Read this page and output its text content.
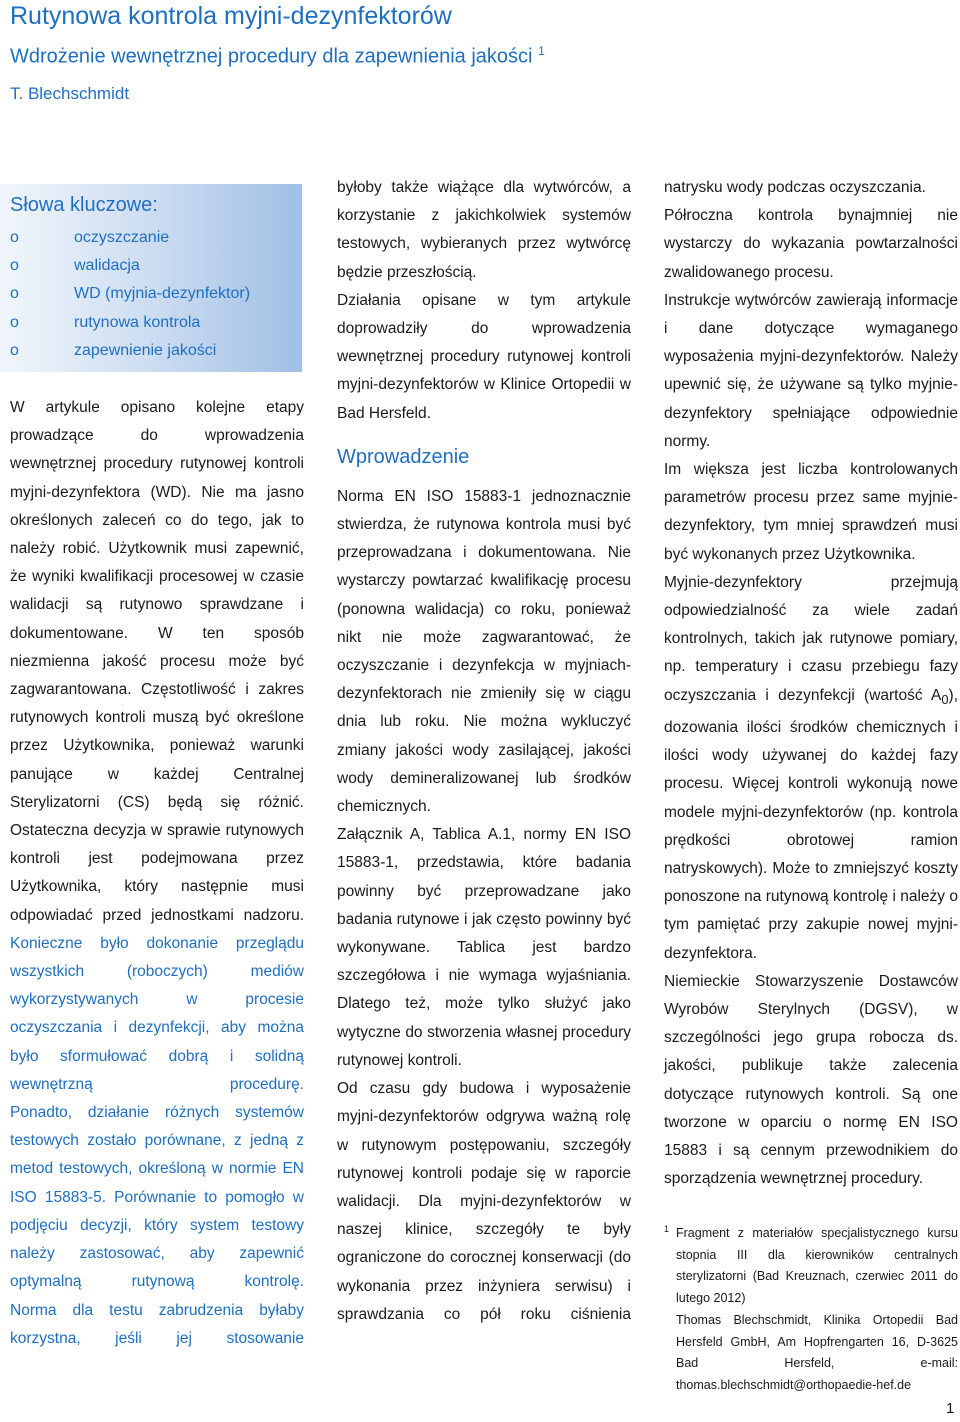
Rutynowa kontrola myjni-dezynfektorów
Wdrożenie wewnętrznej procedury dla zapewnienia jakości $^1$
T. Blechschmidt
Słowa kluczowe:
o	oczyszczanie
o	walidacja
o	WD (myjnia-dezynfektor)
o	rutynowa kontrola
o	zapewnienie jakości

W artykule opisano kolejne etapy prowadzące do wprowadzenia wewnętrznej procedury rutynowej kontroli myjni-dezynfektora (WD). Nie ma jasno określonych zaleceń co do tego, jak to należy robić. Użytkownik musi zapewnić, że wyniki kwalifikacji procesowej w czasie walidacji są rutynowo sprawdzane i dokumentowane. W ten sposób niezmienna jakość procesu może być zagwarantowana. Częstotliwość i zakres rutynowych kontroli muszą być określone przez Użytkownika, ponieważ warunki panujące w każdej Centralnej Sterylizatorni (CS) będą się różnić. Ostateczna decyzja w sprawie rutynowych kontroli jest podejmowana przez Użytkownika, który następnie musi odpowiadać przed jednostkami nadzoru.

Konieczne było dokonanie przeglądu wszystkich (roboczych) mediów wykorzystywanych w procesie oczyszczania i dezynfekcji, aby można było sformułować dobrą i solidną wewnętrzną procedurę.

Ponadto, działanie różnych systemów testowych zostało porównane, z jedną z metod testowych, określoną w normie EN ISO 15883-5. Porównanie to pomogło w podjęciu decyzji, który system testowy należy zastosować, aby zapewnić optymalną rutynową kontrolę.

Norma dla testu zabrudzenia byłaby korzystna, jeśli jej stosowanie

byłoby także wiążące dla wytwórców, a korzystanie z jakichkolwiek systemów testowych, wybieranych przez wytwórcę będzie przeszłością.

Działania opisane w tym artykule doprowadziły do wprowadzenia wewnętrznej procedury rutynowej kontroli myjni-dezynfektorów w Klinice Ortopedii w Bad Hersfeld.

Wprowadzenie

Norma EN ISO 15883-1 jednoznacznie stwierdza, że rutynowa kontrola musi być przeprowadzana i dokumentowana. Nie wystarczy powtarzać kwalifikację procesu (ponowna walidacja) co roku, ponieważ nikt nie może zagwarantować, że oczyszczanie i dezynfekcja w myjniach-dezynfektorach nie zmieniły się w ciągu dnia lub roku. Nie można wykluczyć zmiany jakości wody zasilającej, jakości wody demineralizowanej lub środków chemicznych.

Załącznik A, Tablica A.1, normy EN ISO 15883-1, przedstawia, które badania powinny być przeprowadzane jako badania rutynowe i jak często powinny być wykonywane. Tablica jest bardzo szczegółowa i nie wymaga wyjaśniania. Dlatego też, może tylko służyć jako wytyczne do stworzenia własnej procedury rutynowej kontroli.

Od czasu gdy budowa i wyposażenie myjni-dezynfektorów odgrywa ważną rolę w rutynowym postępowaniu, szczegóły rutynowej kontroli podaje się w raporcie walidacji. Dla myjni-dezynfektorów w naszej klinice, szczegóły te były ograniczone do corocznej konserwacji (do wykonania przez inżyniera serwisu) i sprawdzania co pół roku ciśnienia

natrysku wody podczas oczyszczania.

Półroczna kontrola bynajmniej nie wystarczy do wykazania powtarzalności zwalidowanego procesu.

Instrukcje wytwórców zawierają informacje i dane dotyczące wymaganego wyposażenia myjni-dezynfektorów. Należy upewnić się, że używane są tylko myjnie-dezynfektory spełniające odpowiednie normy.

Im większa jest liczba kontrolowanych parametrów procesu przez same myjnie-dezynfektory, tym mniej sprawdzeń musi być wykonanych przez Użytkownika.

Myjnie-dezynfektory przejmują odpowiedzialność za wiele zadań kontrolnych, takich jak rutynowe pomiary, np. temperatury i czasu przebiegu fazy oczyszczania i dezynfekcji (wartość $A_0$), dozowania ilości środków chemicznych i ilości wody używanej do każdej fazy procesu. Więcej kontroli wykonują nowe modele myjni-dezynfektorów (np. kontrola prędkości obrotowej ramion natryskowych). Może to zmniejszyć koszty ponoszone na rutynową kontrolę i należy o tym pamiętać przy zakupie nowej myjni-dezynfektora.

Niemieckie Stowarzyszenie Dostawców Wyrobów Sterylnych (DGSV), w szczególności jego grupa robocza ds. jakości, publikuje także zalecenia dotyczące rutynowych kontroli. Są one tworzone w oparciu o normę EN ISO 15883 i są cennym przewodnikiem do sporządzenia wewnętrznej procedury.

1 Fragment z materiałów specjalistycznego kursu stopnia III dla kierowników centralnych sterylizatorni (Bad Kreuznach, czerwiec 2011 do lutego 2012)

Thomas Blechschmidt, Klinika Ortopedii Bad Hersfeld GmbH, Am Hopfrengarten 16, D-3625 Bad Hersfeld, e-mail: thomas.blechschmidt@orthopaedie-hef.de

1
